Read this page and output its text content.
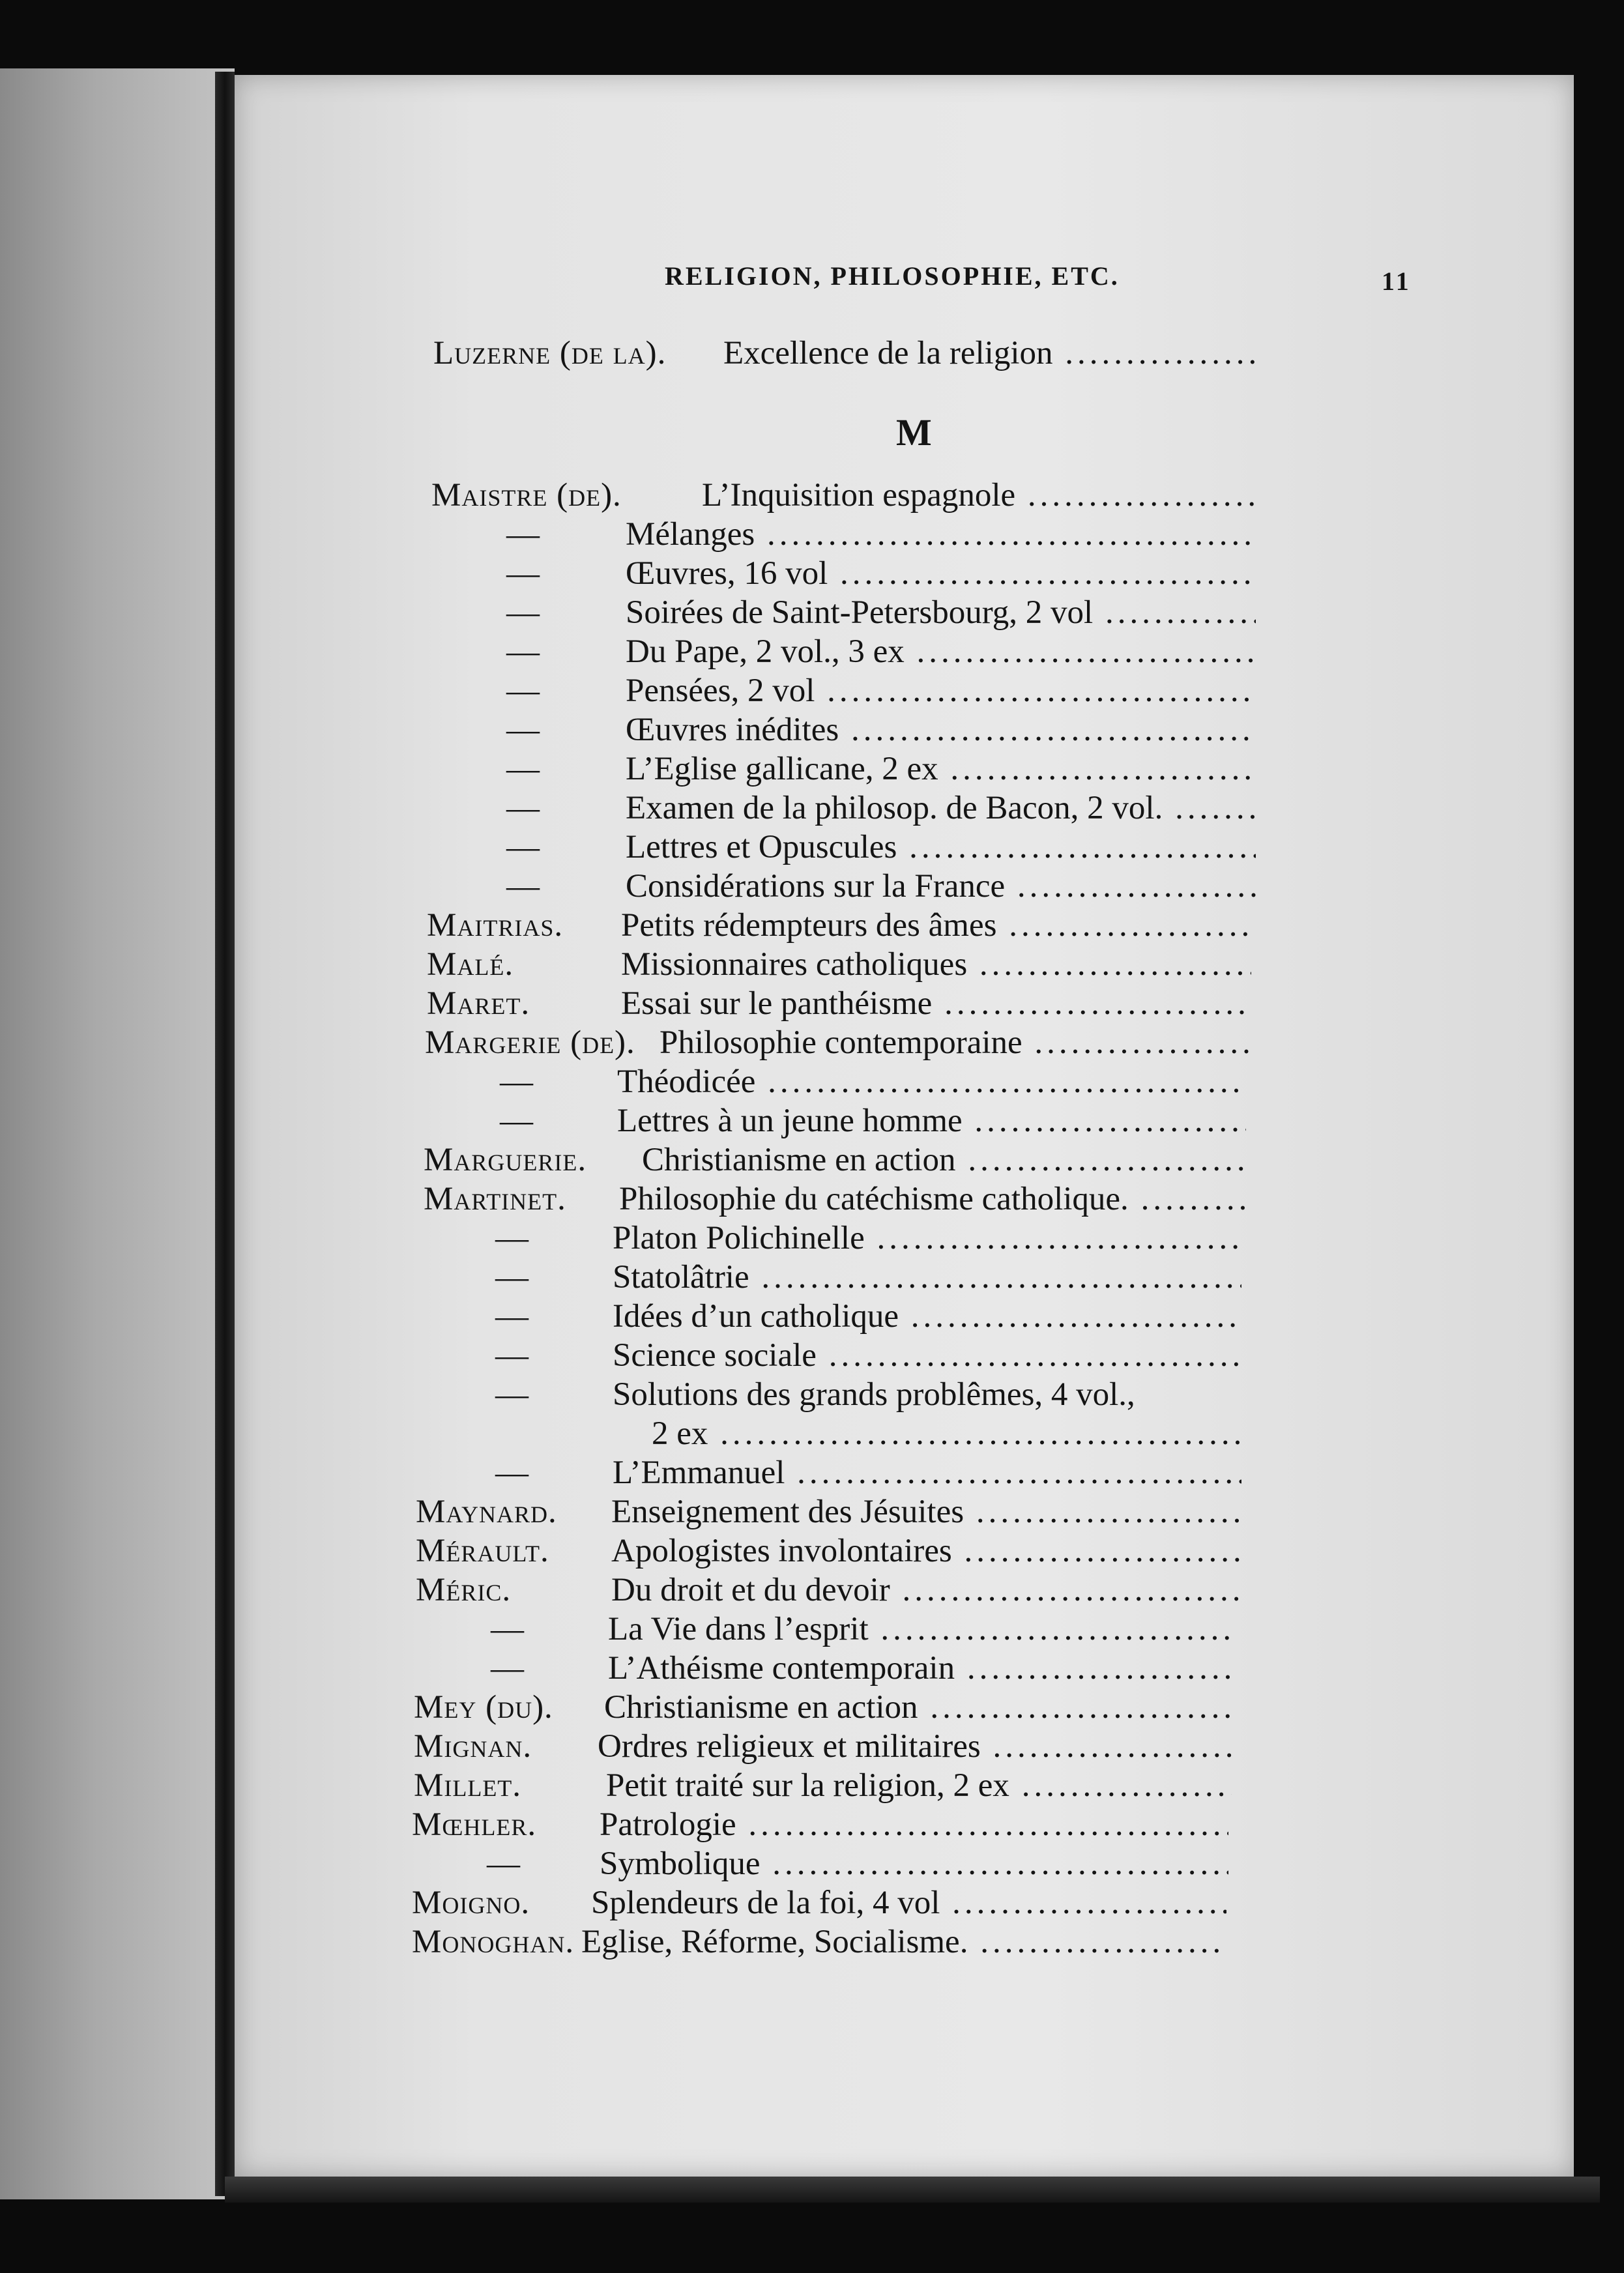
RELIGION, PHILOSOPHIE, ETC.	11
Luzerne (de la). Excellence de la religion .....
M
Maistre (de). L’Inquisition espagnole .....
—	Mélanges .....
—	Œuvres, 16 vol .....
—	Soirées de Saint-Petersbourg, 2 vol .....
—	Du Pape, 2 vol., 3 ex .....
—	Pensées, 2 vol .....
—	Œuvres inédites .....
—	L’Eglise gallicane, 2 ex .....
—	Examen de la philosop. de Bacon, 2 vol. .....
—	Lettres et Opuscules .....
—	Considérations sur la France .....
Maitrias. Petits rédempteurs des âmes .....
Malé.	Missionnaires catholiques .....
Maret.	Essai sur le panthéisme .....
Margerie (de). Philosophie contemporaine .....
—	Théodicée .....
—	Lettres à un jeune homme .....
Marguerie. Christianisme en action .....
Martinet. Philosophie du catéchisme catholique. .....
—	Platon Polichinelle .....
—	Statolâtrie .....
—	Idées d’un catholique .....
—	Science sociale .....
—	Solutions des grands problêmes, 4 vol.,
2 ex .....
—	L’Emmanuel .....
Maynard. Enseignement des Jésuites .....
Mérault. Apologistes involontaires .....
Méric.	Du droit et du devoir .....
—	La Vie dans l’esprit .....
—	L’Athéisme contemporain .....
Mey (du). Christianisme en action .....
Mignan. Ordres religieux et militaires .....
Millet.	Petit traité sur la religion, 2 ex .....
Mœhler. Patrologie .....
— Symbolique .....
Moigno. Splendeurs de la foi, 4 vol .....
Monoghan. Eglise, Réforme, Socialisme. .....
